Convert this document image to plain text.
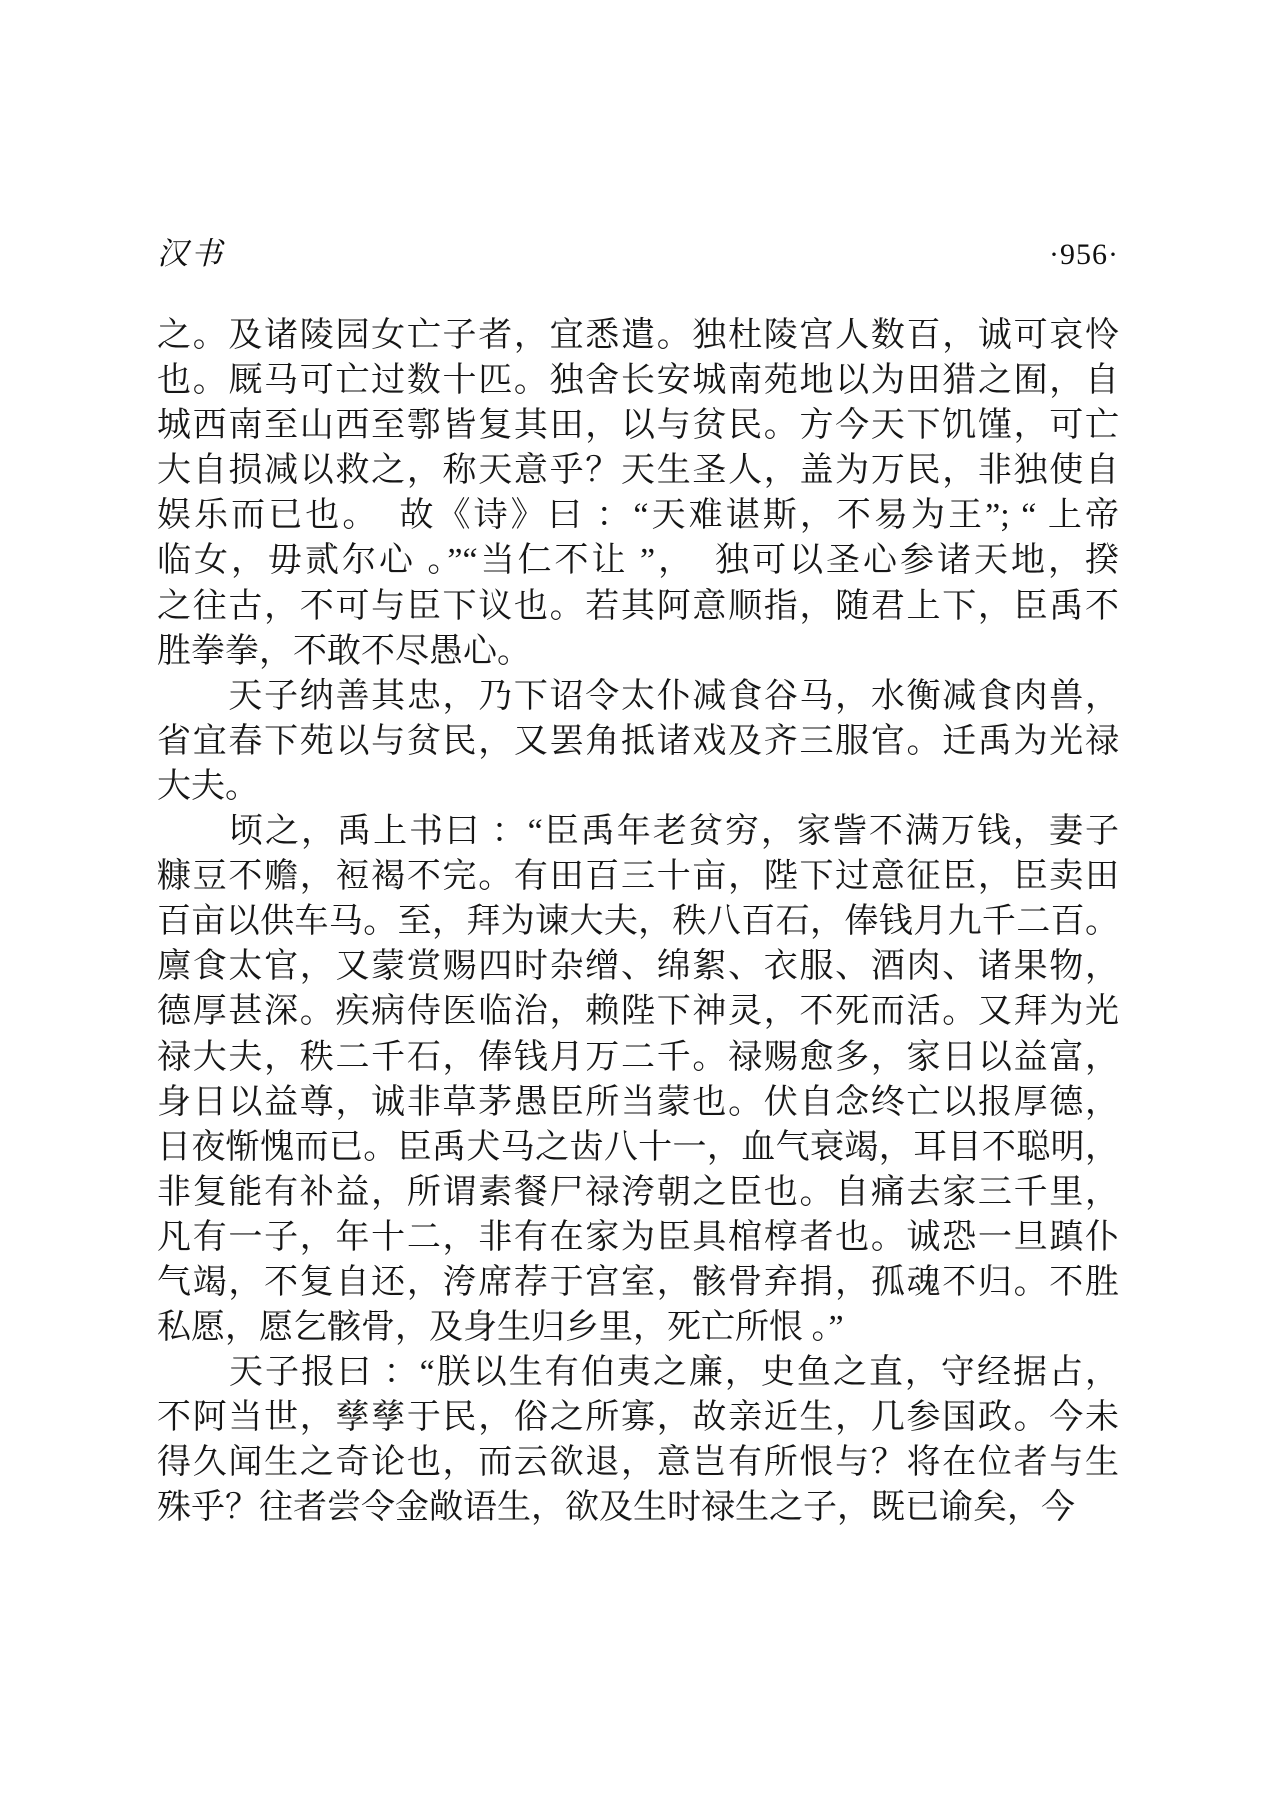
汉书	·956·
之。及诸陵园女亡子者，宜悉遣。独杜陵宫人数百，诚可哀怜
也。厩马可亡过数十匹。独舍长安城南苑地以为田猎之囿，自
城西南至山西至鄠皆复其田，以与贫民。方今天下饥馑，可亡
大自损减以救之，称天意乎？天生圣人，盖为万民，非独使自
娱乐而已也。　故《诗》曰 ：“天难谌斯，不易为王”; “ 上帝
临女，毋贰尔心 。”“当仁不让 ”，　独可以圣心参诸天地，揆
之往古，不可与臣下议也。若其阿意顺指，随君上下，臣禹不
胜拳拳，不敢不尽愚心。
　　天子纳善其忠，乃下诏令太仆减食谷马，水衡减食肉兽，
省宜春下苑以与贫民，又罢角抵诸戏及齐三服官。迁禹为光禄
大夫。
　　顷之，禹上书曰 ：“臣禹年老贫穷，家訾不满万钱，妻子
糠豆不赡，裋褐不完。有田百三十亩，陛下过意征臣，臣卖田
百亩以供车马。至，拜为谏大夫，秩八百石，俸钱月九千二百。
廪食太官，又蒙赏赐四时杂缯、绵絮、衣服、酒肉、诸果物，
德厚甚深。疾病侍医临治，赖陛下神灵，不死而活。又拜为光
禄大夫，秩二千石，俸钱月万二千。禄赐愈多，家日以益富，
身日以益尊，诚非草茅愚臣所当蒙也。伏自念终亡以报厚德，
日夜惭愧而已。臣禹犬马之齿八十一，血气衰竭，耳目不聪明，
非复能有补益，所谓素餐尸禄洿朝之臣也。自痛去家三千里，
凡有一子，年十二，非有在家为臣具棺椁者也。诚恐一旦蹎仆
气竭，不复自还，洿席荐于宫室，骸骨弃捐，孤魂不归。不胜
私愿，愿乞骸骨，及身生归乡里，死亡所恨 。”
　　天子报曰 ：“朕以生有伯夷之廉，史鱼之直，守经据占，
不阿当世，孳孳于民，俗之所寡，故亲近生，几参国政。今未
得久闻生之奇论也，而云欲退，意岂有所恨与？将在位者与生
殊乎？往者尝令金敞语生，欲及生时禄生之子，既已谕矣，今
